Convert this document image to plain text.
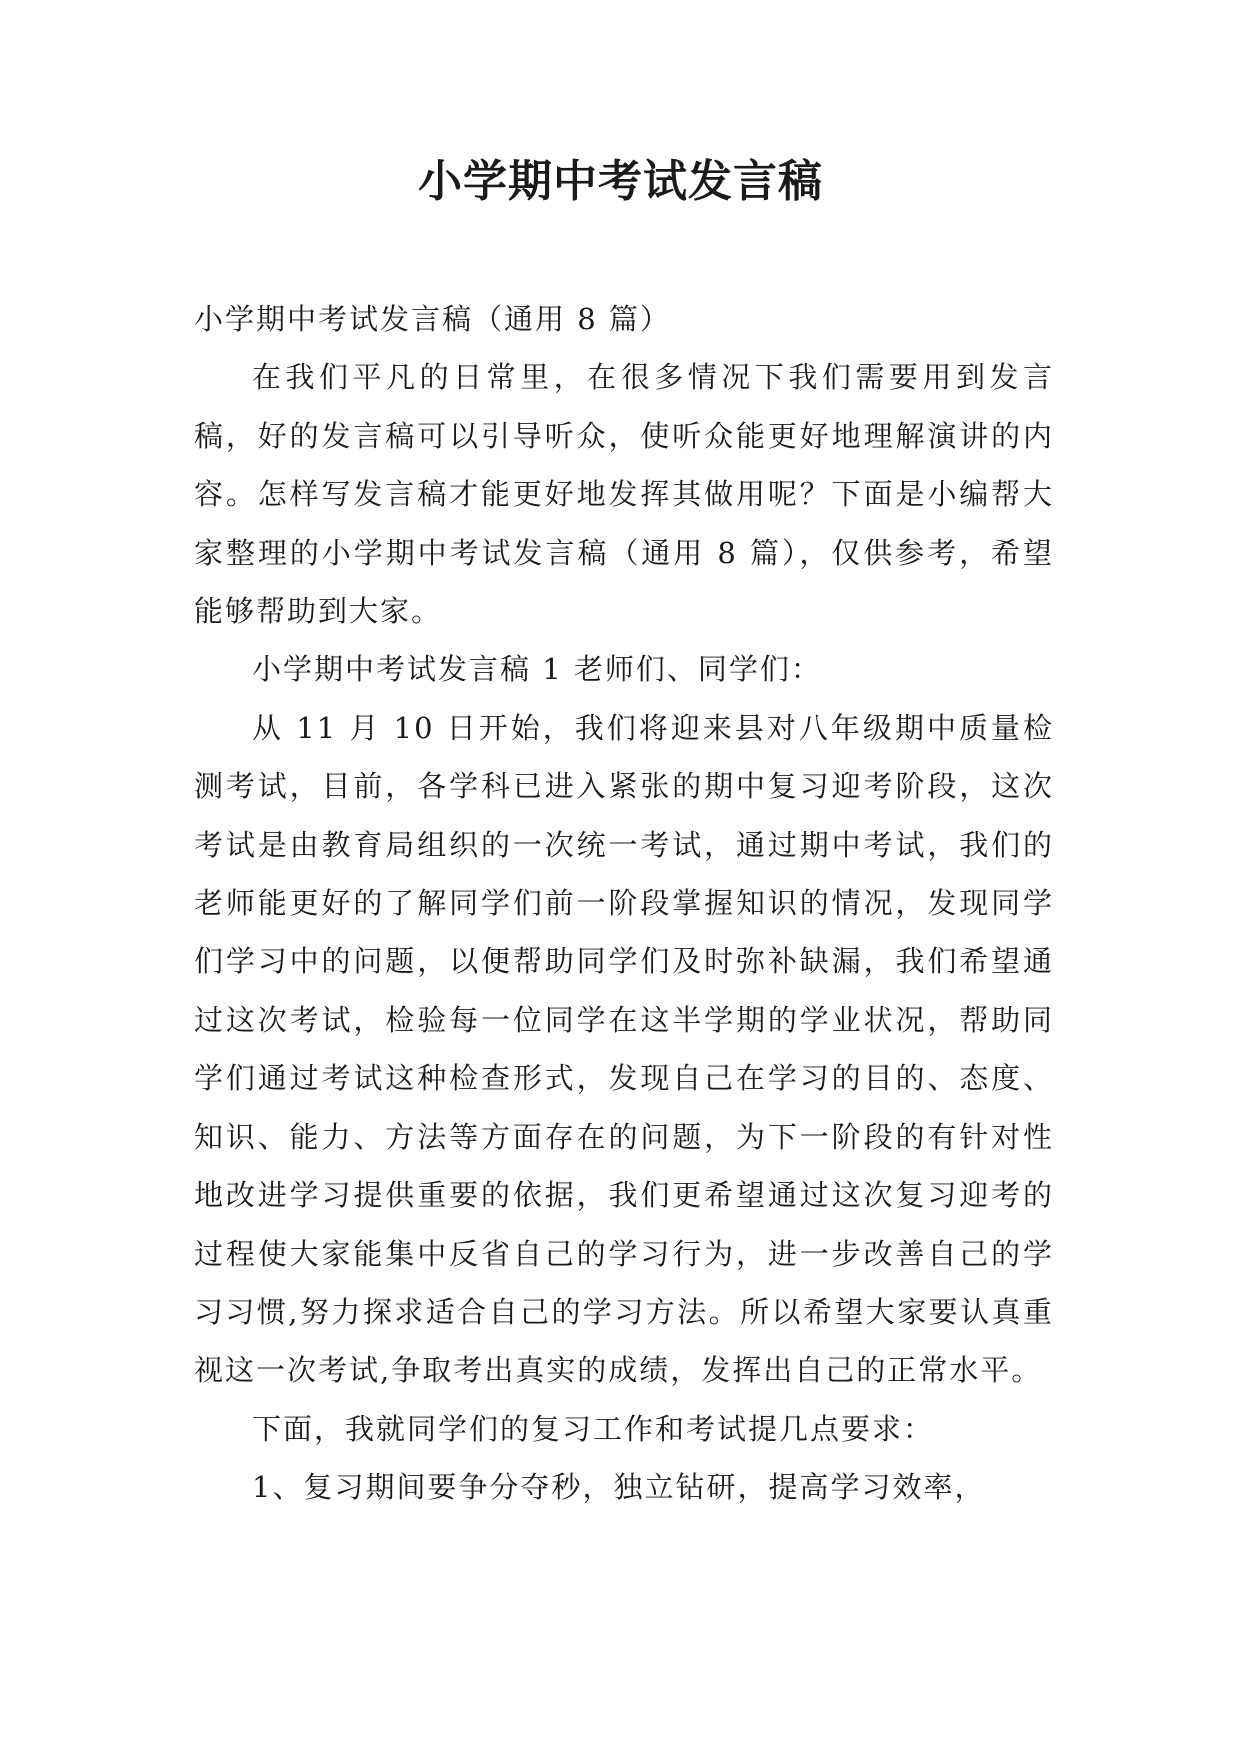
小学期中考试发言稿

小学期中考试发言稿（通用 8 篇）

在我们平凡的日常里，在很多情况下我们需要用到发言稿，好的发言稿可以引导听众，使听众能更好地理解演讲的内容。怎样写发言稿才能更好地发挥其做用呢？下面是小编帮大家整理的小学期中考试发言稿（通用 8 篇），仅供参考，希望能够帮助到大家。

小学期中考试发言稿 1 老师们、同学们：

从 11 月 10 日开始，我们将迎来县对八年级期中质量检测考试，目前，各学科已进入紧张的期中复习迎考阶段，这次考试是由教育局组织的一次统一考试，通过期中考试，我们的老师能更好的了解同学们前一阶段掌握知识的情况，发现同学们学习中的问题，以便帮助同学们及时弥补缺漏，我们希望通过这次考试，检验每一位同学在这半学期的学业状况，帮助同学们通过考试这种检查形式，发现自己在学习的目的、态度、知识、能力、方法等方面存在的问题，为下一阶段的有针对性地改进学习提供重要的依据，我们更希望通过这次复习迎考的过程使大家能集中反省自己的学习行为，进一步改善自己的学习习惯,努力探求适合自己的学习方法。所以希望大家要认真重视这一次考试,争取考出真实的成绩，发挥出自己的正常水平。

下面，我就同学们的复习工作和考试提几点要求：

1、复习期间要争分夺秒，独立钻研，提高学习效率，
